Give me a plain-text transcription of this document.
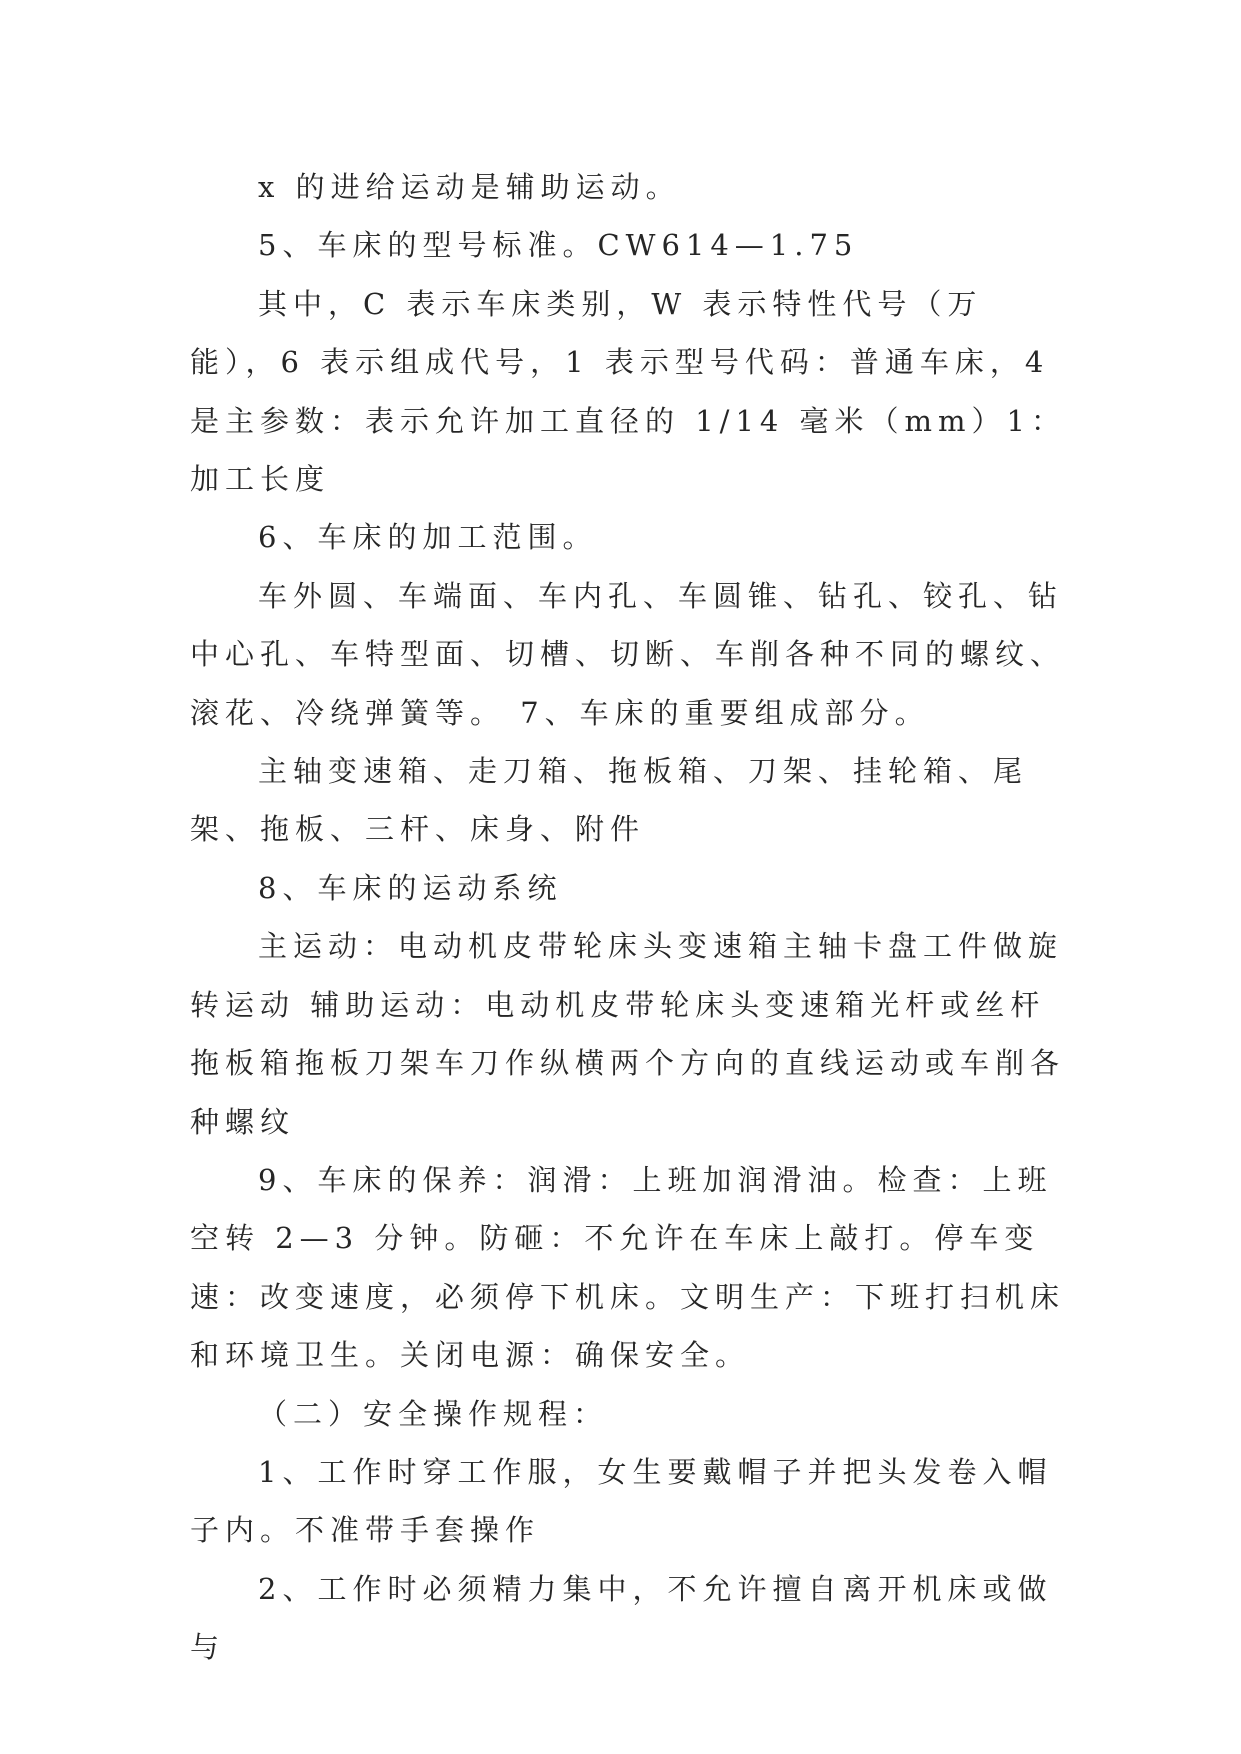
x 的进给运动是辅助运动。

5、车床的型号标准。CW614—1.75

其中，C 表示车床类别，W 表示特性代号（万能），6 表示组成代号，1 表示型号代码：普通车床，4 是主参数：表示允许加工直径的 1/14 毫米（mm）1：加工长度

6、车床的加工范围。

车外圆、车端面、车内孔、车圆锥、钻孔、铰孔、钻中心孔、车特型面、切槽、切断、车削各种不同的螺纹、滚花、冷绕弹簧等。 7、车床的重要组成部分。

主轴变速箱、走刀箱、拖板箱、刀架、挂轮箱、尾架、拖板、三杆、床身、附件

8、车床的运动系统

主运动：电动机皮带轮床头变速箱主轴卡盘工件做旋转运动 辅助运动：电动机皮带轮床头变速箱光杆或丝杆拖板箱拖板刀架车刀作纵横两个方向的直线运动或车削各种螺纹

9、车床的保养：润滑：上班加润滑油。检查：上班空转 2—3 分钟。防砸：不允许在车床上敲打。停车变速：改变速度，必须停下机床。文明生产：下班打扫机床和环境卫生。关闭电源：确保安全。

（二）安全操作规程：

1、工作时穿工作服，女生要戴帽子并把头发卷入帽子内。不准带手套操作

2、工作时必须精力集中，不允许擅自离开机床或做与
